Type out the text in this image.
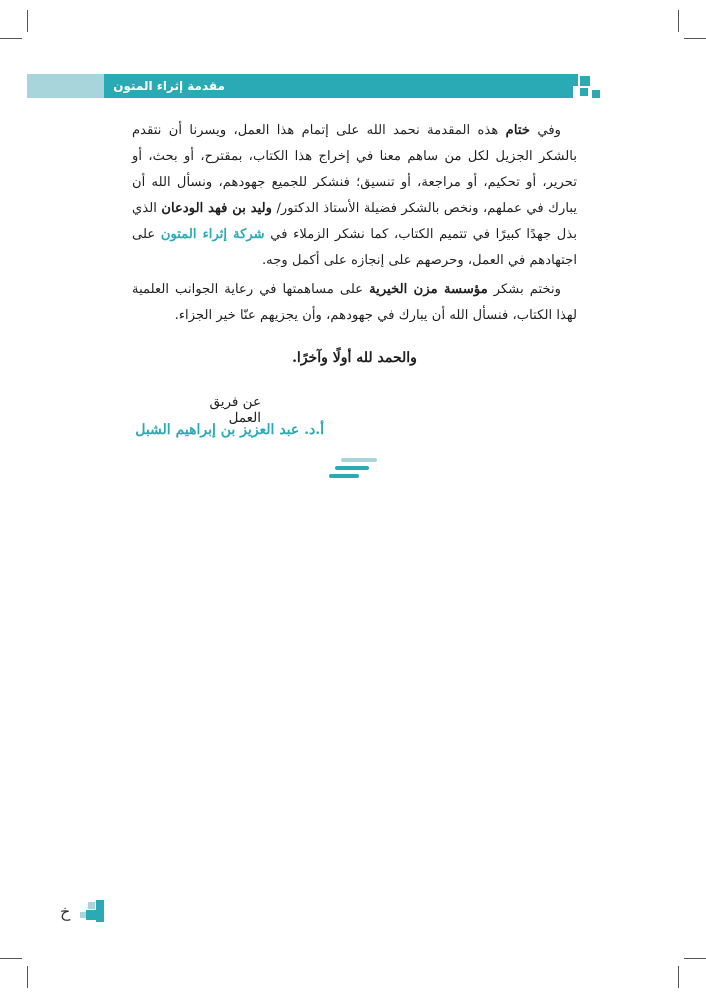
مقدمة إثراء المتون

وفي ختام هذه المقدمة نحمد الله على إتمام هذا العمل، ويسرنا أن نتقدم بالشكر الجزيل لكل من ساهم معنا في إخراج هذا الكتاب، بمقترح، أو بحث، أو تحرير، أو تحكيم، أو مراجعة، أو تنسيق؛ فنشكر للجميع جهودهم، ونسأل الله أن يبارك في عملهم، ونخص بالشكر فضيلة الأستاذ الدكتور/ وليد بن فهد الودعان الذي بذل جهدًا كبيرًا في تتميم الكتاب، كما نشكر الزملاء في شركة إثراء المتون على اجتهادهم في العمل، وحرصهم على إنجازه على أكمل وجه.

ونختم بشكر مؤسسة مزن الخيرية على مساهمتها في رعاية الجوانب العلمية لهذا الكتاب، فنسأل الله أن يبارك في جهودهم، وأن يجزيهم عنّا خير الجزاء.

والحمد لله أولًا وآخرًا.
عن فريق العمل
أ.د. عبد العزيز بن إبراهيم الشبل
خ
